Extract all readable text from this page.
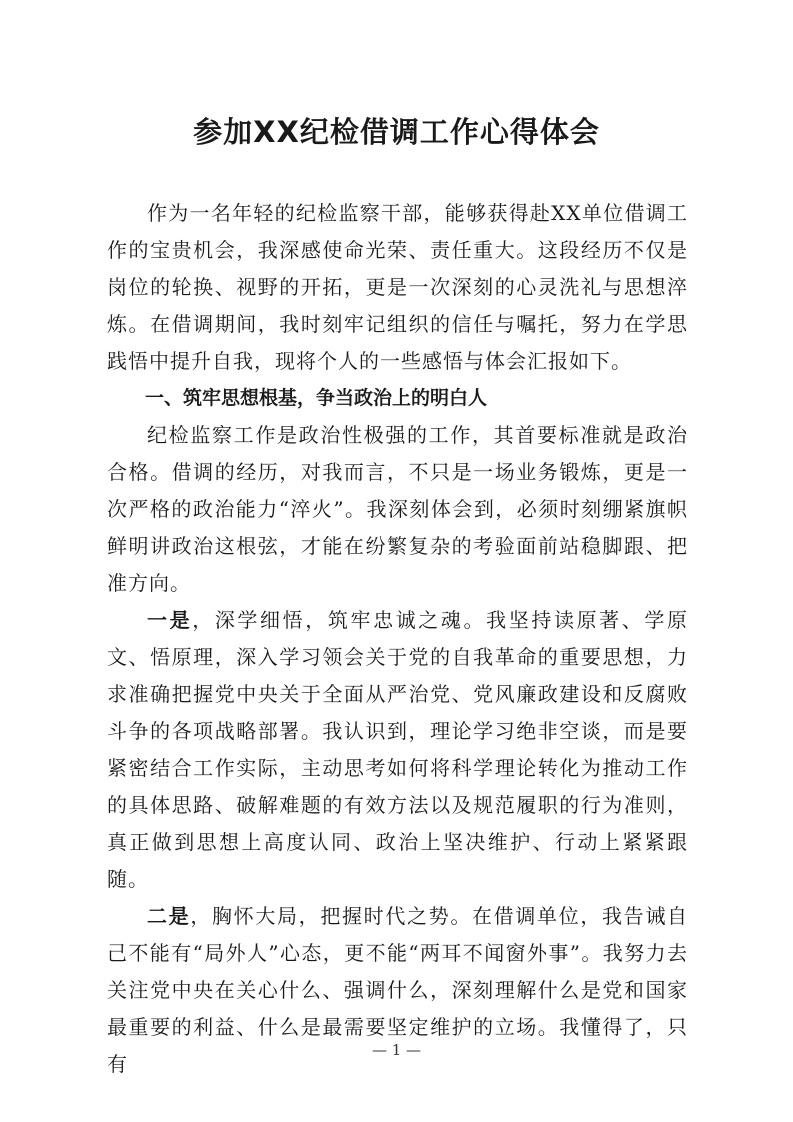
参加XX纪检借调工作心得体会

作为一名年轻的纪检监察干部，能够获得赴XX单位借调工作的宝贵机会，我深感使命光荣、责任重大。这段经历不仅是岗位的轮换、视野的开拓，更是一次深刻的心灵洗礼与思想淬炼。在借调期间，我时刻牢记组织的信任与嘱托，努力在学思践悟中提升自我，现将个人的一些感悟与体会汇报如下。

一、筑牢思想根基，争当政治上的明白人

纪检监察工作是政治性极强的工作，其首要标准就是政治合格。借调的经历，对我而言，不只是一场业务锻炼，更是一次严格的政治能力“淬火”。我深刻体会到，必须时刻绷紧旗帜鲜明讲政治这根弦，才能在纷繁复杂的考验面前站稳脚跟、把准方向。

一是，深学细悟，筑牢忠诚之魂。我坚持读原著、学原文、悟原理，深入学习领会关于党的自我革命的重要思想，力求准确把握党中央关于全面从严治党、党风廉政建设和反腐败斗争的各项战略部署。我认识到，理论学习绝非空谈，而是要紧密结合工作实际，主动思考如何将科学理论转化为推动工作的具体思路、破解难题的有效方法以及规范履职的行为准则，真正做到思想上高度认同、政治上坚决维护、行动上紧紧跟随。

二是，胸怀大局，把握时代之势。在借调单位，我告诫自己不能有“局外人”心态，更不能“两耳不闻窗外事”。我努力去关注党中央在关心什么、强调什么，深刻理解什么是党和国家最重要的利益、什么是最需要坚定维护的立场。我懂得了，只有

— 1 —
